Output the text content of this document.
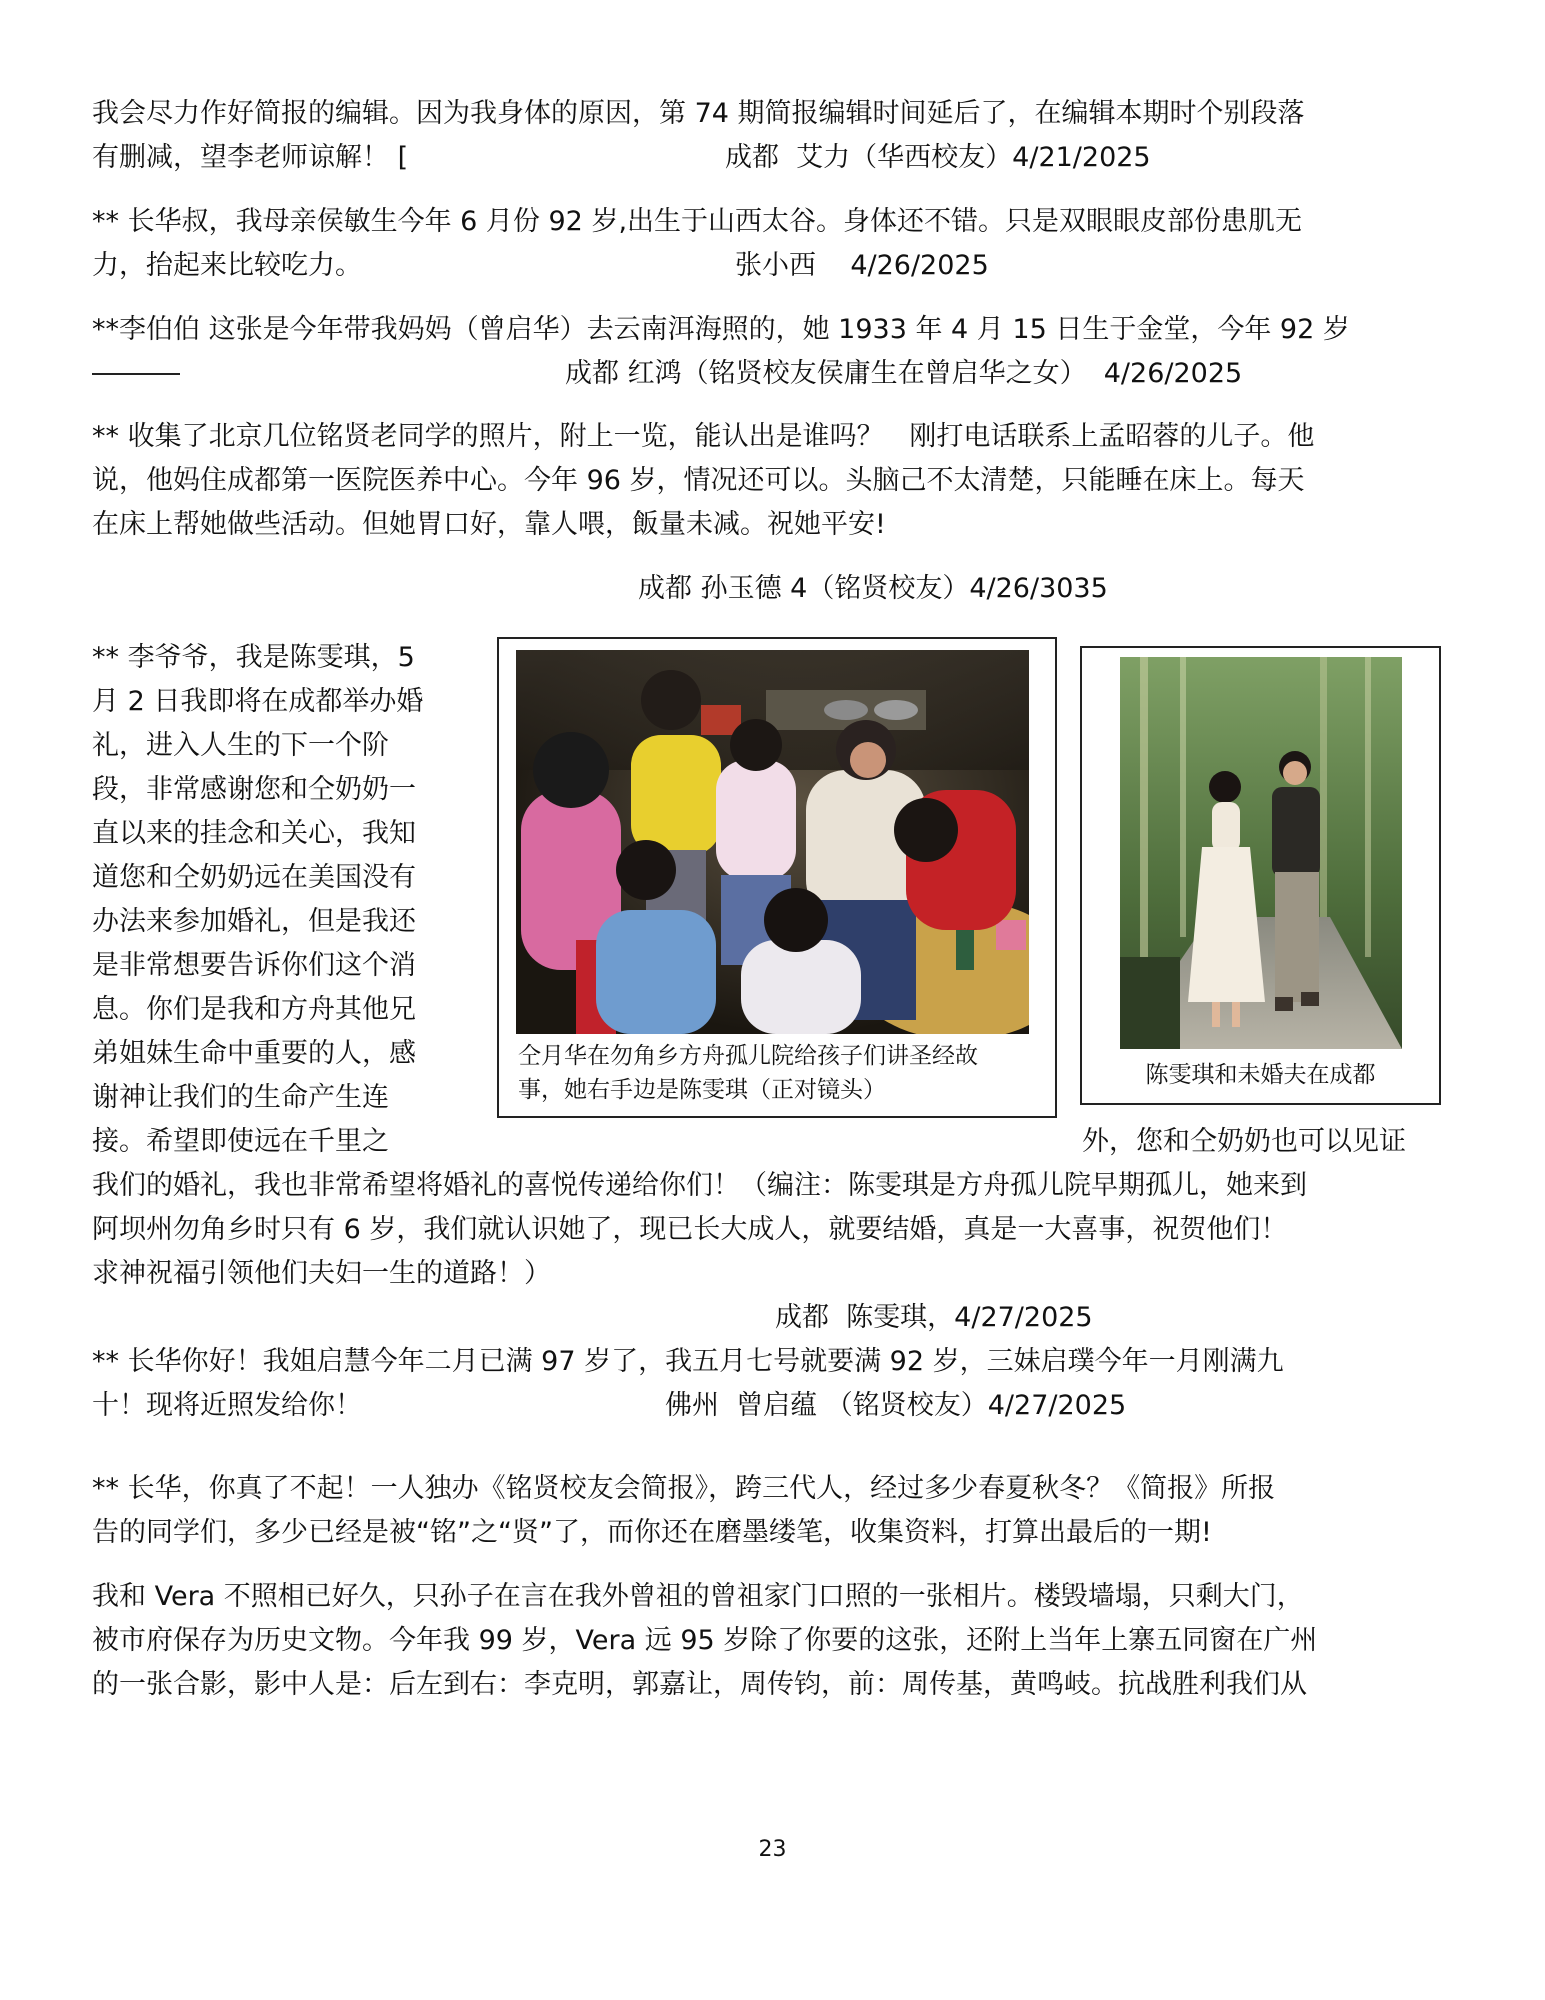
我会尽力作好简报的编辑。因为我身体的原因，第 74 期简报编辑时间延后了，在编辑本期时个别段落
有删减，望李老师谅解！ [	成都  艾力（华西校友）4/21/2025
** 长华叔，我母亲侯敏生今年 6 月份 92 岁,出生于山西太谷。身体还不错。只是双眼眼皮部份患肌无
力，抬起来比较吃力。	张小西    4/26/2025
**李伯伯 这张是今年带我妈妈（曾启华）去云南洱海照的，她 1933 年 4 月 15 日生于金堂，今年 92 岁
成都 红鸿（铭贤校友侯庸生在曾启华之女）  4/26/2025
** 收集了北京几位铭贤老同学的照片，附上一览，能认出是谁吗？   刚打电话联系上孟昭蓉的儿子。他
说，他妈住成都第一医院医养中心。今年 96 岁，情况还可以。头脑己不太清楚，只能睡在床上。每天
在床上帮她做些活动。但她胃口好，靠人喂，飯量未减。祝她平安!
成都 孙玉德 4（铭贤校友）4/26/3035
** 李爷爷，我是陈雯琪，5
月 2 日我即将在成都举办婚
礼，进入人生的下一个阶
段，非常感谢您和仝奶奶一
直以来的挂念和关心，我知
道您和仝奶奶远在美国没有
办法来参加婚礼，但是我还
是非常想要告诉你们这个消
息。你们是我和方舟其他兄
弟姐妹生命中重要的人，感
谢神让我们的生命产生连
接。希望即使远在千里之	外，您和仝奶奶也可以见证
仝月华在勿角乡方舟孤儿院给孩子们讲圣经故
事，她右手边是陈雯琪（正对镜头）
陈雯琪和未婚夫在成都
我们的婚礼，我也非常希望将婚礼的喜悦传递给你们！（编注：陈雯琪是方舟孤儿院早期孤儿，她来到
阿坝州勿角乡时只有 6 岁，我们就认识她了，现已长大成人，就要结婚，真是一大喜事，祝贺他们！
求神祝福引领他们夫妇一生的道路！）
成都  陈雯琪，4/27/2025
** 长华你好！我姐启慧今年二月已满 97 岁了，我五月七号就要满 92 岁，三妹启璞今年一月刚满九
十！现将近照发给你！	佛州  曾启蕴 （铭贤校友）4/27/2025
** 长华，你真了不起！一人独办《铭贤校友会简报》，跨三代人，经过多少春夏秋冬？《简报》所报
告的同学们，多少已经是被“铭”之“贤”了，而你还在磨墨缕笔，收集资料，打算出最后的一期!
我和 Vera 不照相已好久，只孙子在言在我外曾祖的曾祖家门口照的一张相片。楼毁墙塌，只剩大门，
被市府保存为历史文物。今年我 99 岁，Vera 远 95 岁除了你要的这张，还附上当年上寨五同窗在广州
的一张合影，影中人是：后左到右：李克明，郭嘉让，周传钧，前：周传基，黄鸣岐。抗战胜利我们从
23
